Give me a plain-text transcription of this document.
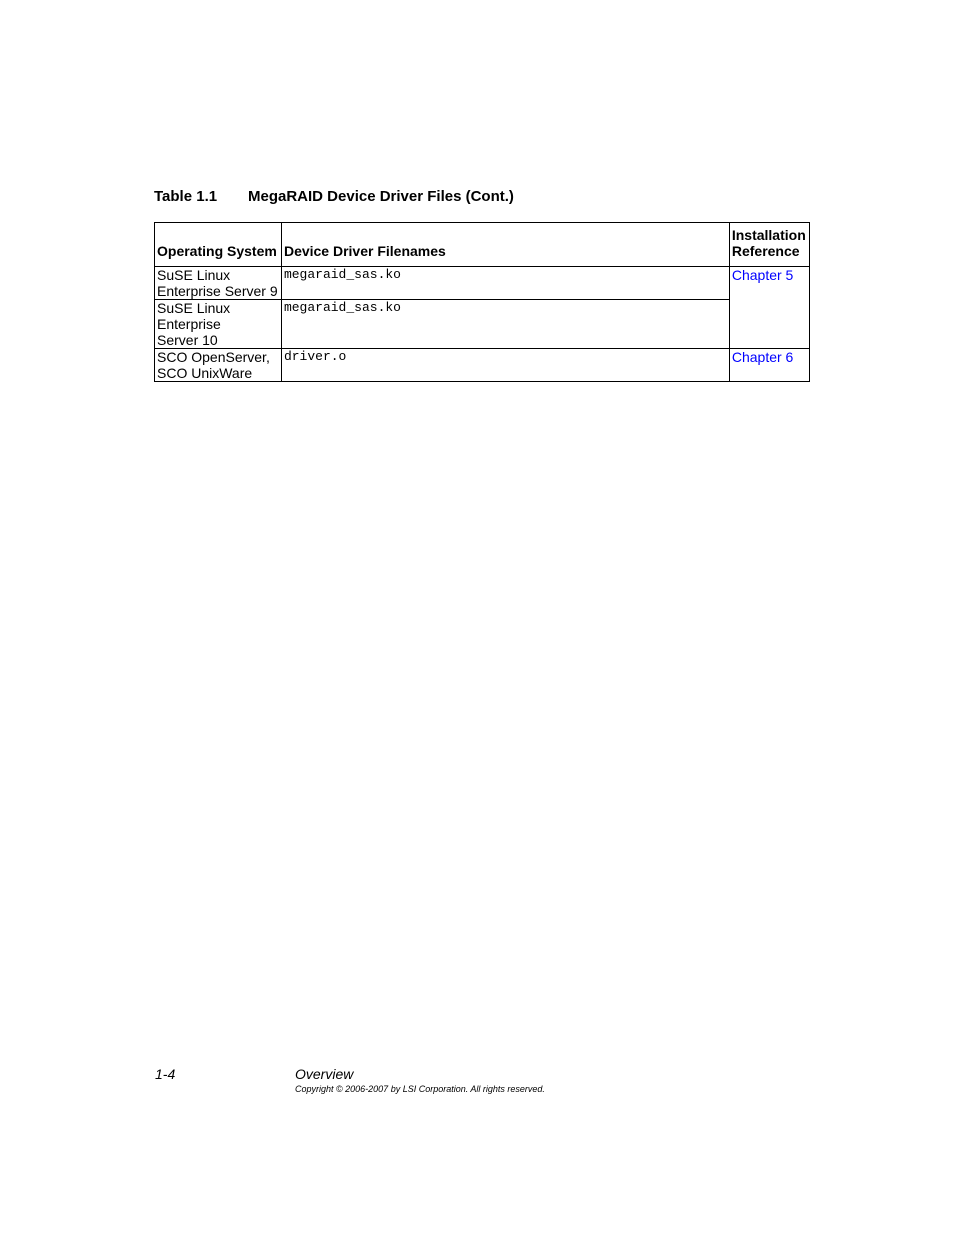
Table 1.1 MegaRAID Device Driver Files (Cont.)
Operating System	Device Driver Filenames	Installation
Reference
SuSE Linux
Enterprise Server 9	megaraid_sas.ko	Chapter 5
SuSE Linux
Enterprise
Server 10	megaraid_sas.ko	
SCO OpenServer,
SCO UnixWare	driver.o	Chapter 6
1-4	Overview
Copyright © 2006-2007 by LSI Corporation. All rights reserved.
